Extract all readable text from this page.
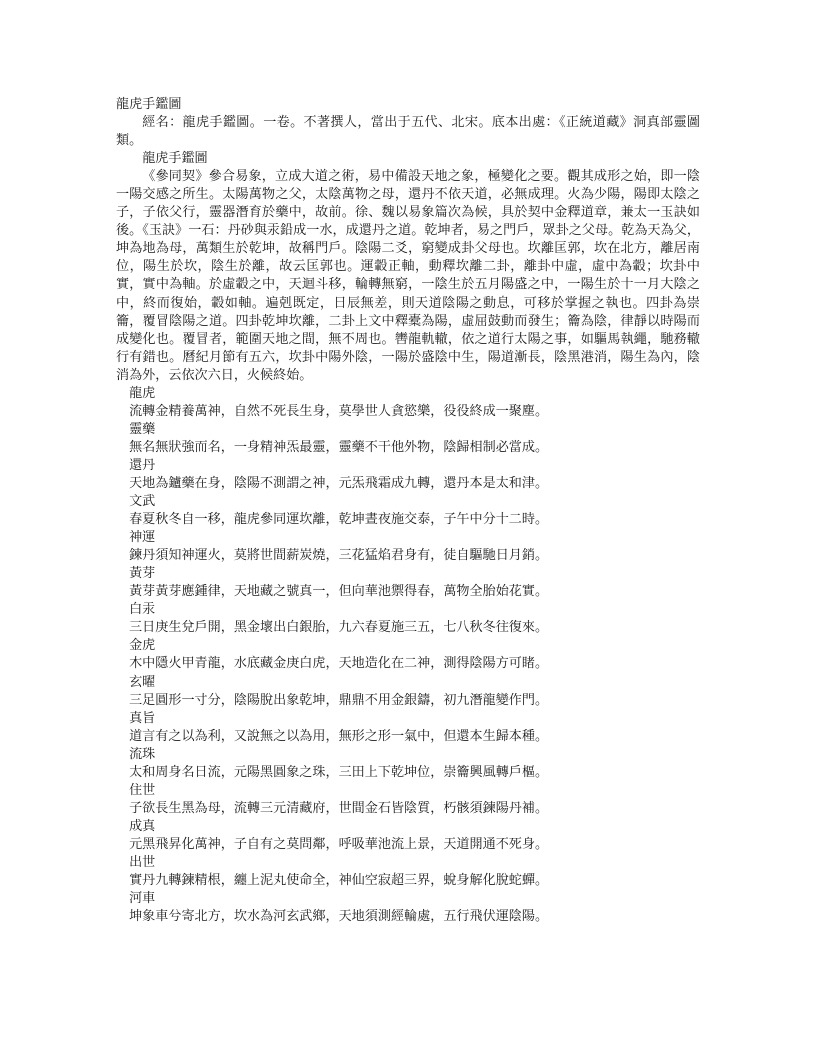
龍虎手鑑圖

經名：龍虎手鑑圖。一卷。不著撰人，當出于五代、北宋。底本出處：《正統道藏》洞真部靈圖類。

龍虎手鑑圖

《參同契》參合易象，立成大道之術，易中備設天地之象，極變化之要。觀其成形之始，即一陰一陽交感之所生。太陽萬物之父，太陰萬物之母，還丹不依天道，必無成理。火為少陽，陽即太陰之子，子依父行，靈器潛育於藥中，故前。徐、魏以易象篇次為候，具於契中金釋道章，兼太一玉訣如後。《玉訣》一石：丹砂與汞鉛成一水，成還丹之道。乾坤者，易之門戶，眾卦之父母。乾為天為父，坤為地為母，萬類生於乾坤，故稱門戶。陰陽二爻，窮變成卦父母也。坎離匡郭，坎在北方，離居南位，陽生於坎，陰生於離，故云匡郭也。運轂正軸，動釋坎離二卦，離卦中虛，虛中為轂；坎卦中實，實中為軸。於虛轂之中，天迴斗移，輪轉無窮，一陰生於五月陽盛之中，一陽生於十一月大陰之中，終而復始，轂如軸。遍剋既定，日辰無差，則天道陰陽之動息，可移於掌握之執也。四卦為崇籥，覆冒陰陽之道。四卦乾坤坎離，二卦上文中釋橐為陽，虛屈鼓動而發生；籥為陰，律靜以時陽而成變化也。覆冒者，範圍天地之間，無不周也。轡龍軌轍，依之道行太陽之事，如驅馬執繩，馳務轍行有錯也。曆紀月節有五六，坎卦中陽外陰，一陽於盛陰中生，陽道漸長，陰黑港消，陽生為內，陰消為外，云依次六日，火候終始。

龍虎

流轉金精養萬神，自然不死長生身，莫學世人貪慾樂，役役終成一聚塵。

靈藥

無名無狀強而名，一身精神炁最靈，靈藥不干他外物，陰歸相制必當成。

還丹

天地為鑪藥在身，陰陽不測謂之神，元炁飛霜成九轉，還丹本是太和津。

文武

春夏秋冬自一移，龍虎參同運坎離，乾坤晝夜施交泰，子午中分十二時。

神運

鍊丹須知神運火，莫將世間薪炭燒，三花猛焰君身有，徒自驅馳日月銷。

黃芽

黃芽黃芽應鍾律，天地藏之號真一，但向華池禦得春，萬物全胎始花實。

白汞

三日庚生兌戶開，黑金壞出白銀胎，九六春夏施三五，七八秋冬往復來。

金虎

木中隱火甲青龍，水底藏金庚白虎，天地造化在二神，測得陰陽方可睹。

玄曜

三足圓形一寸分，陰陽脫出象乾坤，鼎鼎不用金銀鑄，初九潛龍變作門。

真旨

道言有之以為利，又說無之以為用，無形之形一氣中，但還本生歸本種。

流珠

太和周身名日流，元陽黑圓象之珠，三田上下乾坤位，崇籥興風轉戶樞。

住世

子欲長生黑為母，流轉三元清藏府，世間金石皆陰質，朽骸須鍊陽丹補。

成真

元黑飛昇化萬神，子自有之莫問鄰，呼吸華池流上景，天道開通不死身。

出世

實丹九轉鍊精根，纏上泥丸使命全，神仙空寂超三界，蛻身解化脫蛇蟬。

河車

坤象車兮寄北方，坎水為河玄武鄉，天地須測經輪處，五行飛伏運陰陽。
